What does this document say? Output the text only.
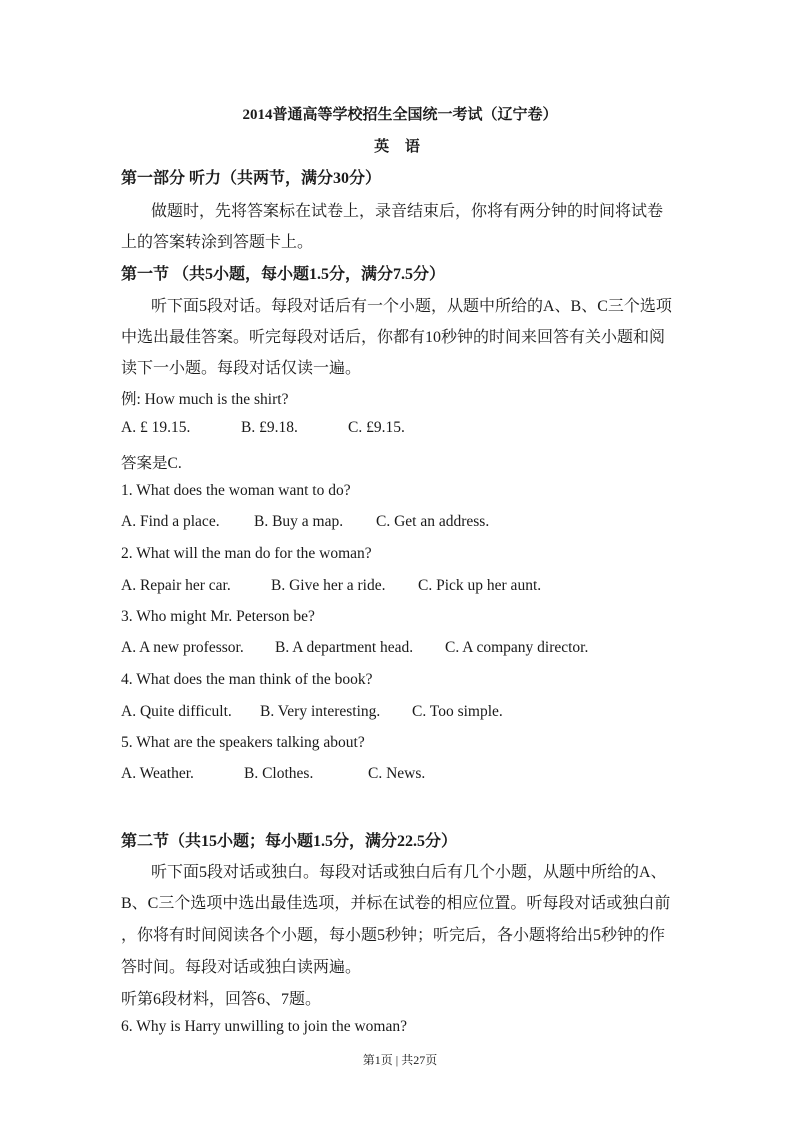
2014普通高等学校招生全国统一考试（辽宁卷）
英 语
第一部分 听力（共两节，满分30分）
做题时，先将答案标在试卷上，录音结束后，你将有两分钟的时间将试卷
上的答案转涂到答题卡上。
第一节 （共5小题，每小题1.5分，满分7.5分）
听下面5段对话。每段对话后有一个小题，从题中所给的A、B、C三个选项
中选出最佳答案。听完每段对话后，你都有10秒钟的时间来回答有关小题和阅
读下一小题。每段对话仅读一遍。
例: How much is the shirt?
A. £ 19.15.	B. £9.18.	C. £9.15.
答案是C.
1. What does the woman want to do?
A. Find a place. B. Buy a map. C. Get an address.
2. What will the man do for the woman?
A. Repair her car.	B. Give her a ride. C. Pick up her aunt.
3. Who might Mr. Peterson be?
A. A new professor. B. A department head. C. A company director.
4. What does the man think of the book?
A. Quite difficult. B. Very interesting. C. Too simple.
5. What are the speakers talking about?
A. Weather.	B. Clothes.	C. News.
第二节（共15小题；每小题1.5分，满分22.5分）
听下面5段对话或独白。每段对话或独白后有几个小题，从题中所给的A、
B、C三个选项中选出最佳选项，并标在试卷的相应位置。听每段对话或独白前
，你将有时间阅读各个小题，每小题5秒钟；听完后，各小题将给出5秒钟的作
答时间。每段对话或独白读两遍。
听第6段材料，回答6、7题。
6. Why is Harry unwilling to join the woman?
第1页 | 共27页
